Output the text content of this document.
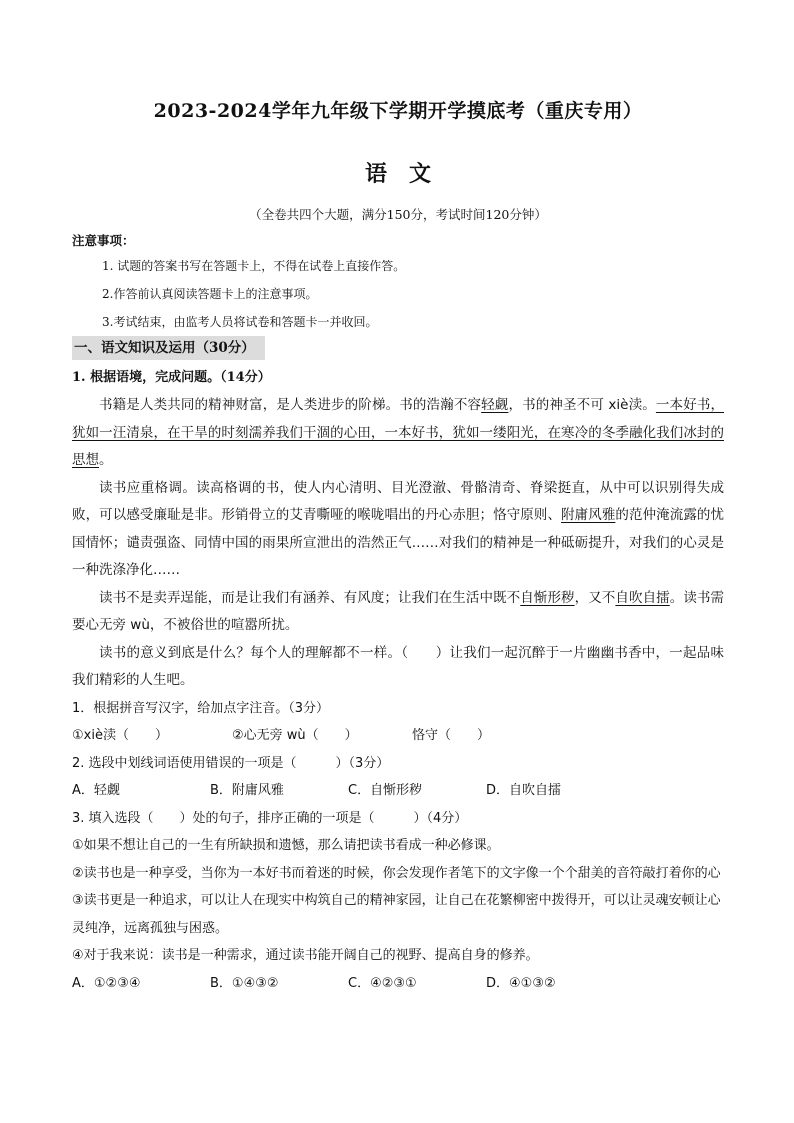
2023-2024学年九年级下学期开学摸底考（重庆专用）
语文
（全卷共四个大题，满分150分，考试时间120分钟）
注意事项：
1. 试题的答案书写在答题卡上，不得在试卷上直接作答。
2.作答前认真阅读答题卡上的注意事项。
3.考试结束，由监考人员将试卷和答题卡一并收回。
一、语文知识及运用（30分）
1. 根据语境，完成问题。（14分）

书籍是人类共同的精神财富，是人类进步的阶梯。书的浩瀚不容轻觑，书的神圣不可 xiè渎。一本好书，犹如一汪清泉，在干旱的时刻濡养我们干涸的心田，一本好书，犹如一缕阳光，在寒冷的冬季融化我们冰封的思想。

读书应重格调。读高格调的书，使人内心清明、目光澄澈、骨骼清奇、脊梁挺直，从中可以识别得失成败，可以感受廉耻是非。形销骨立的艾青嘶哑的喉咙唱出的丹心赤胆；恪守原则、附庸风雅的范仲淹流露的忧国情怀；谴责强盗、同情中国的雨果所宣泄出的浩然正气……对我们的精神是一种砥砺提升，对我们的心灵是一种洗涤净化……

读书不是卖弄逞能，而是让我们有涵养、有风度；让我们在生活中既不自惭形秽，又不自吹自擂。读书需要心无旁 wù，不被俗世的喧嚣所扰。

读书的意义到底是什么？每个人的理解都不一样。（　　）让我们一起沉醉于一片幽幽书香中，一起品味我们精彩的人生吧。

1．根据拼音写汉字，给加点字注音。（3分）
①xiè渎（　　）	②心无旁 wù（　　）	恪守（　　）
2. 选段中划线词语使用错误的一项是（　　　）（3分）
A．轻觑	B．附庸风雅	C．自惭形秽	D．自吹自擂
3. 填入选段（　　）处的句子，排序正确的一项是（　　　）（4分）
①如果不想让自己的一生有所缺损和遗憾，那么请把读书看成一种必修课。
②读书也是一种享受，当你为一本好书而着迷的时候，你会发现作者笔下的文字像一个个甜美的音符敲打着你的心
③读书更是一种追求，可以让人在现实中构筑自己的精神家园，让自己在花繁柳密中拨得开，可以让灵魂安顿让心灵纯净，远离孤独与困惑。
④对于我来说：读书是一种需求，通过读书能开阔自己的视野、提高自身的修养。
A．①②③④	B．①④③②	C．④②③①	D．④①③②
